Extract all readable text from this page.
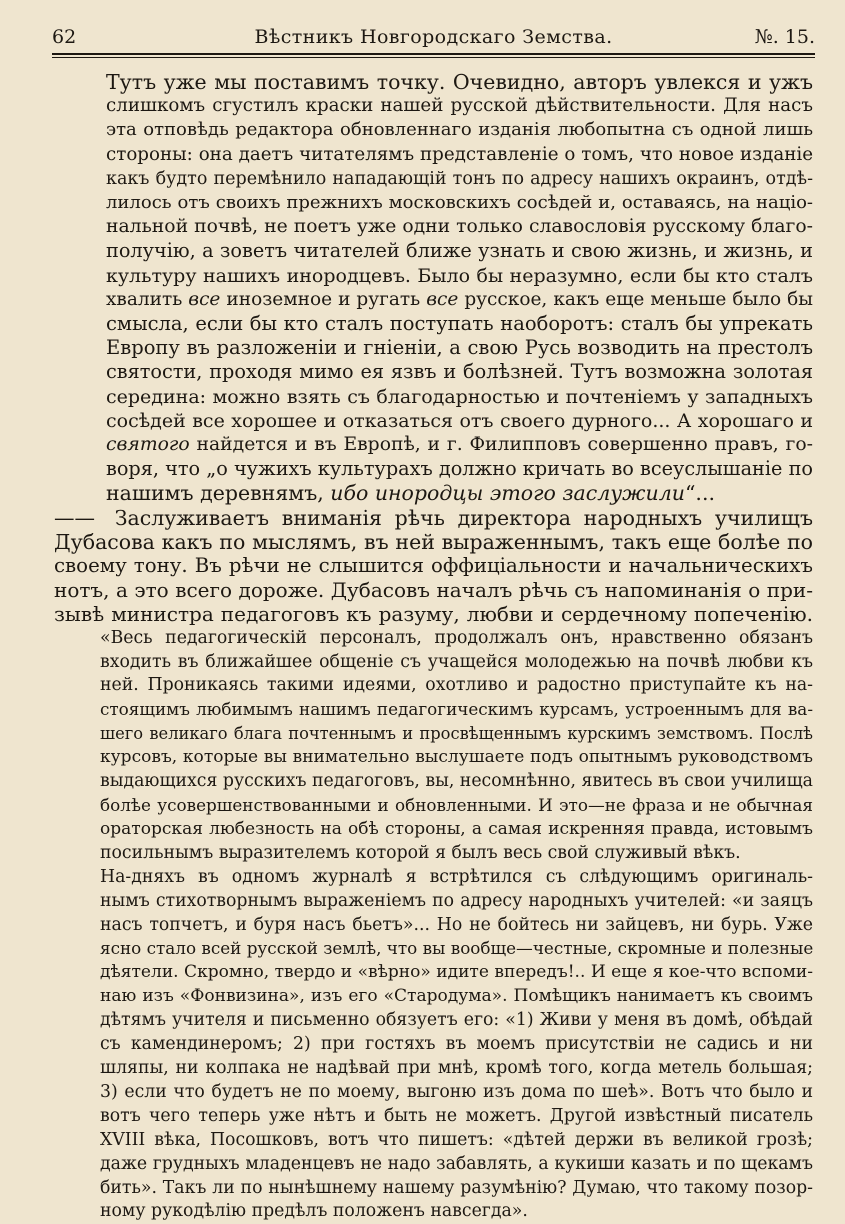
62	Вѣстникъ Новгородскаго Земства.	№. 15.
Тутъ уже мы поставимъ точку. Очевидно, авторъ увлекся и ужъ
слишкомъ сгустилъ краски нашей русской дѣйствительности. Для насъ
эта отповѣдь редактора обновленнаго изданія любопытна съ одной лишь
стороны: она даетъ читателямъ представленіе о томъ, что новое изданіе
какъ будто перемѣнило нападающій тонъ по адресу нашихъ окраинъ, отдѣ-
лилось отъ своихъ прежнихъ московскихъ сосѣдей и, оставаясь, на націо-
нальной почвѣ, не поетъ уже одни только славословія русскому благо-
получію, а зоветъ читателей ближе узнать и свою жизнь, и жизнь, и
культуру нашихъ инородцевъ. Было бы неразумно, если бы кто сталъ
хвалить все иноземное и ругать все русское, какъ еще меньше было бы
смысла, если бы кто сталъ поступать наоборотъ: сталъ бы упрекать
Европу въ разложеніи и гніеніи, а свою Русь возводить на престолъ
святости, проходя мимо ея язвъ и болѣзней. Тутъ возможна золотая
середина: можно взять съ благодарностью и почтеніемъ у западныхъ
сосѣдей все хорошее и отказаться отъ своего дурного... А хорошаго и
святого найдется и въ Европѣ, и г. Филипповъ совершенно правъ, го-
воря, что „о чужихъ культурахъ должно кричать во всеуслышаніе по
нашимъ деревнямъ, ибо инородцы этого заслужили“...
—— Заслуживаетъ вниманія рѣчь директора народныхъ училищъ
Дубасова какъ по мыслямъ, въ ней выраженнымъ, такъ еще болѣе по
своему тону. Въ рѣчи не слышится оффиціальности и начальническихъ
нотъ, а это всего дороже. Дубасовъ началъ рѣчь съ напоминанія о при-
зывѣ министра педагоговъ къ разуму, любви и сердечному попеченію.
«Весь педагогическій персоналъ, продолжалъ онъ, нравственно обязанъ
входить въ ближайшее общеніе съ учащейся молодежью на почвѣ любви къ
ней. Проникаясь такими идеями, охотливо и радостно приступайте къ на-
стоящимъ любимымъ нашимъ педагогическимъ курсамъ, устроеннымъ для ва-
шего великаго блага почтеннымъ и просвѣщеннымъ курскимъ земствомъ. Послѣ
курсовъ, которые вы внимательно выслушаете подъ опытнымъ руководствомъ
выдающихся русскихъ педагоговъ, вы, несомнѣнно, явитесь въ свои училища
болѣе усовершенствованными и обновленными. И это—не фраза и не обычная
ораторская любезность на обѣ стороны, а самая искренняя правда, истовымъ
посильнымъ выразителемъ которой я былъ весь свой служивый вѣкъ.
На-дняхъ въ одномъ журналѣ я встрѣтился съ слѣдующимъ оригиналь-
нымъ стихотворнымъ выраженіемъ по адресу народныхъ учителей: «и заяцъ
насъ топчетъ, и буря насъ бьетъ»... Но не бойтесь ни зайцевъ, ни бурь. Уже
ясно стало всей русской землѣ, что вы вообще—честные, скромные и полезные
дѣятели. Скромно, твердо и «вѣрно» идите впередъ!.. И еще я кое-что вспоми-
наю изъ «Фонвизина», изъ его «Стародума». Помѣщикъ нанимаетъ къ своимъ
дѣтямъ учителя и письменно обязуетъ его: «1) Живи у меня въ домѣ, обѣдай
съ камендинеромъ; 2) при гостяхъ въ моемъ присутствіи не садись и ни
шляпы, ни колпака не надѣвай при мнѣ, кромѣ того, когда метель большая;
3) если что будетъ не по моему, выгоню изъ дома по шеѣ». Вотъ что было и
вотъ чего теперь уже нѣтъ и быть не можетъ. Другой извѣстный писатель
XVIII вѣка, Посошковъ, вотъ что пишетъ: «дѣтей держи въ великой грозѣ;
даже грудныхъ младенцевъ не надо забавлять, а кукиши казать и по щекамъ
бить». Такъ ли по нынѣшнему нашему разумѣнію? Думаю, что такому позор-
ному рукодѣлію предѣлъ положенъ навсегда».
